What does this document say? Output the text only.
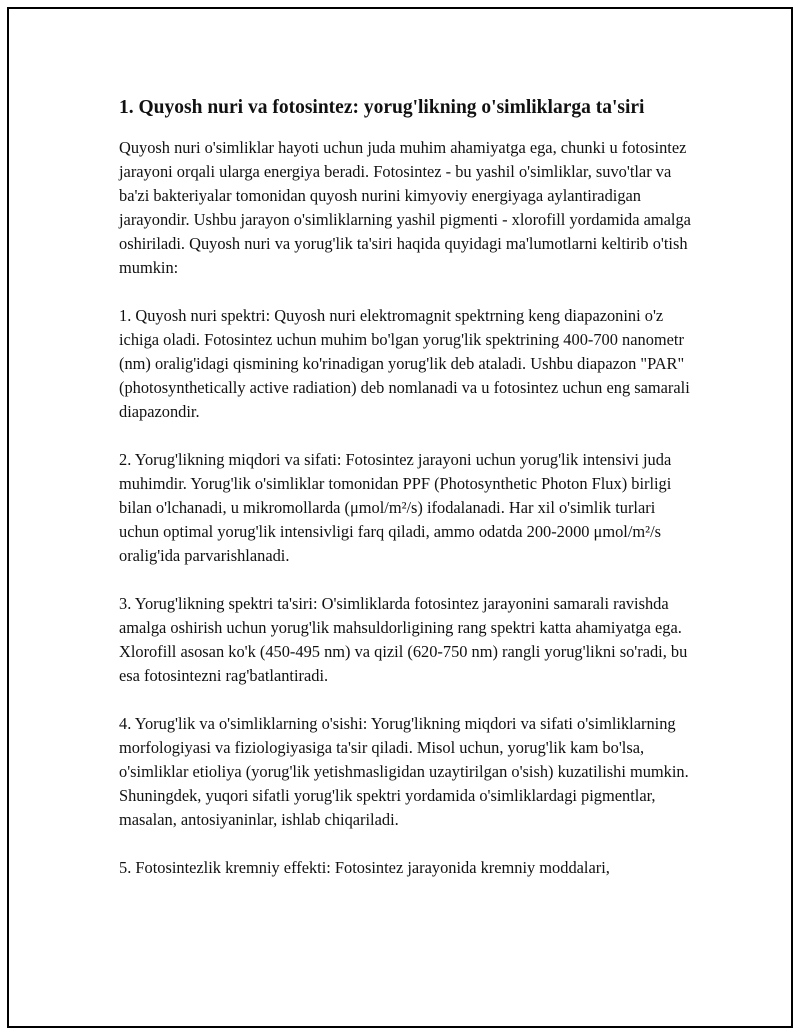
1. Quyosh nuri va fotosintez: yorug'likning o'simliklarga ta'siri

Quyosh nuri o'simliklar hayoti uchun juda muhim ahamiyatga ega, chunki u fotosintez jarayoni orqali ularga energiya beradi. Fotosintez - bu yashil o'simliklar, suvo'tlar va ba'zi bakteriyalar tomonidan quyosh nurini kimyoviy energiyaga aylantiradigan jarayondir. Ushbu jarayon o'simliklarning yashil pigmenti - xlorofill yordamida amalga oshiriladi. Quyosh nuri va yorug'lik ta'siri haqida quyidagi ma'lumotlarni keltirib o'tish mumkin:

1. Quyosh nuri spektri: Quyosh nuri elektromagnit spektrning keng diapazonini o'z ichiga oladi. Fotosintez uchun muhim bo'lgan yorug'lik spektrining 400-700 nanometr (nm) oralig'idagi qismining ko'rinadigan yorug'lik deb ataladi. Ushbu diapazon "PAR" (photosynthetically active radiation) deb nomlanadi va u fotosintez uchun eng samarali diapazondir.

2. Yorug'likning miqdori va sifati: Fotosintez jarayoni uchun yorug'lik intensivi juda muhimdir. Yorug'lik o'simliklar tomonidan PPF (Photosynthetic Photon Flux) birligi bilan o'lchanadi, u mikromollarda (μmol/m²/s) ifodalanadi. Har xil o'simlik turlari uchun optimal yorug'lik intensivligi farq qiladi, ammo odatda 200-2000 μmol/m²/s oralig'ida parvarishlanadi.

3. Yorug'likning spektri ta'siri: O'simliklarda fotosintez jarayonini samarali ravishda amalga oshirish uchun yorug'lik mahsuldorligining rang spektri katta ahamiyatga ega. Xlorofill asosan ko'k (450-495 nm) va qizil (620-750 nm) rangli yorug'likni so'radi, bu esa fotosintezni rag'batlantiradi.

4. Yorug'lik va o'simliklarning o'sishi: Yorug'likning miqdori va sifati o'simliklarning morfologiyasi va fiziologiyasiga ta'sir qiladi. Misol uchun, yorug'lik kam bo'lsa, o'simliklar etioliya (yorug'lik yetishmasligidan uzaytirilgan o'sish) kuzatilishi mumkin. Shuningdek, yuqori sifatli yorug'lik spektri yordamida o'simliklardagi pigmentlar, masalan, antosiyaninlar, ishlab chiqariladi.

5. Fotosintezlik kremniy effekti: Fotosintez jarayonida kremniy moddalari,
